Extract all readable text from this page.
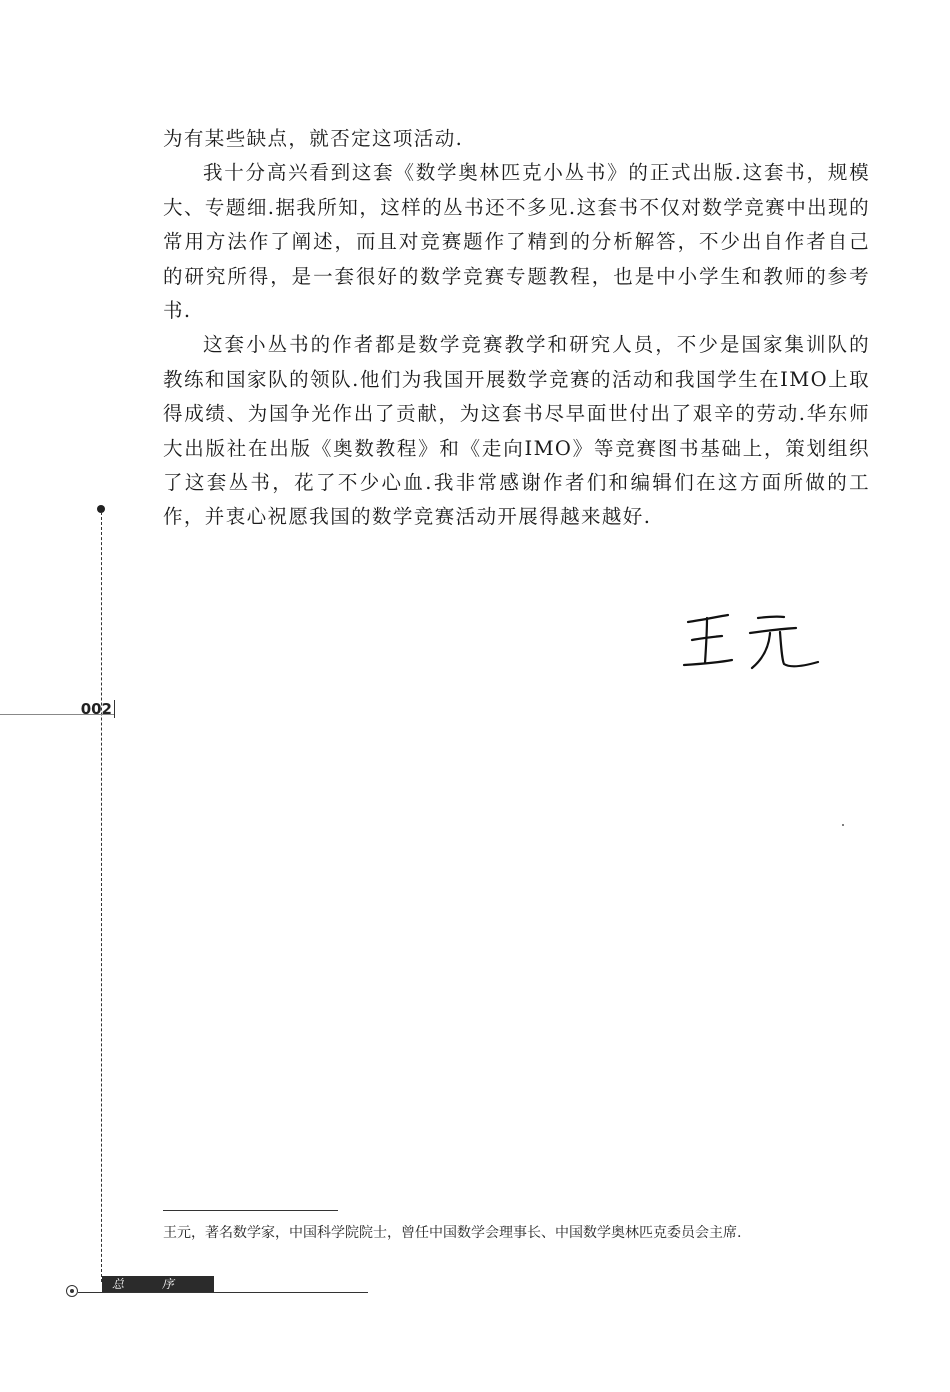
为有某些缺点，就否定这项活动.

我十分高兴看到这套《数学奥林匹克小丛书》的正式出版.这套书，规模大、专题细.据我所知，这样的丛书还不多见.这套书不仅对数学竞赛中出现的常用方法作了阐述，而且对竞赛题作了精到的分析解答，不少出自作者自己的研究所得，是一套很好的数学竞赛专题教程，也是中小学生和教师的参考书.

这套小丛书的作者都是数学竞赛教学和研究人员，不少是国家集训队的教练和国家队的领队.他们为我国开展数学竞赛的活动和我国学生在IMO上取得成绩、为国争光作出了贡献，为这套书尽早面世付出了艰辛的劳动.华东师大出版社在出版《奥数教程》和《走向IMO》等竞赛图书基础上，策划组织了这套丛书，花了不少心血.我非常感谢作者们和编辑们在这方面所做的工作，并衷心祝愿我国的数学竞赛活动开展得越来越好.

002
王元，著名数学家，中国科学院院士，曾任中国数学会理事长、中国数学奥林匹克委员会主席.
总	序
